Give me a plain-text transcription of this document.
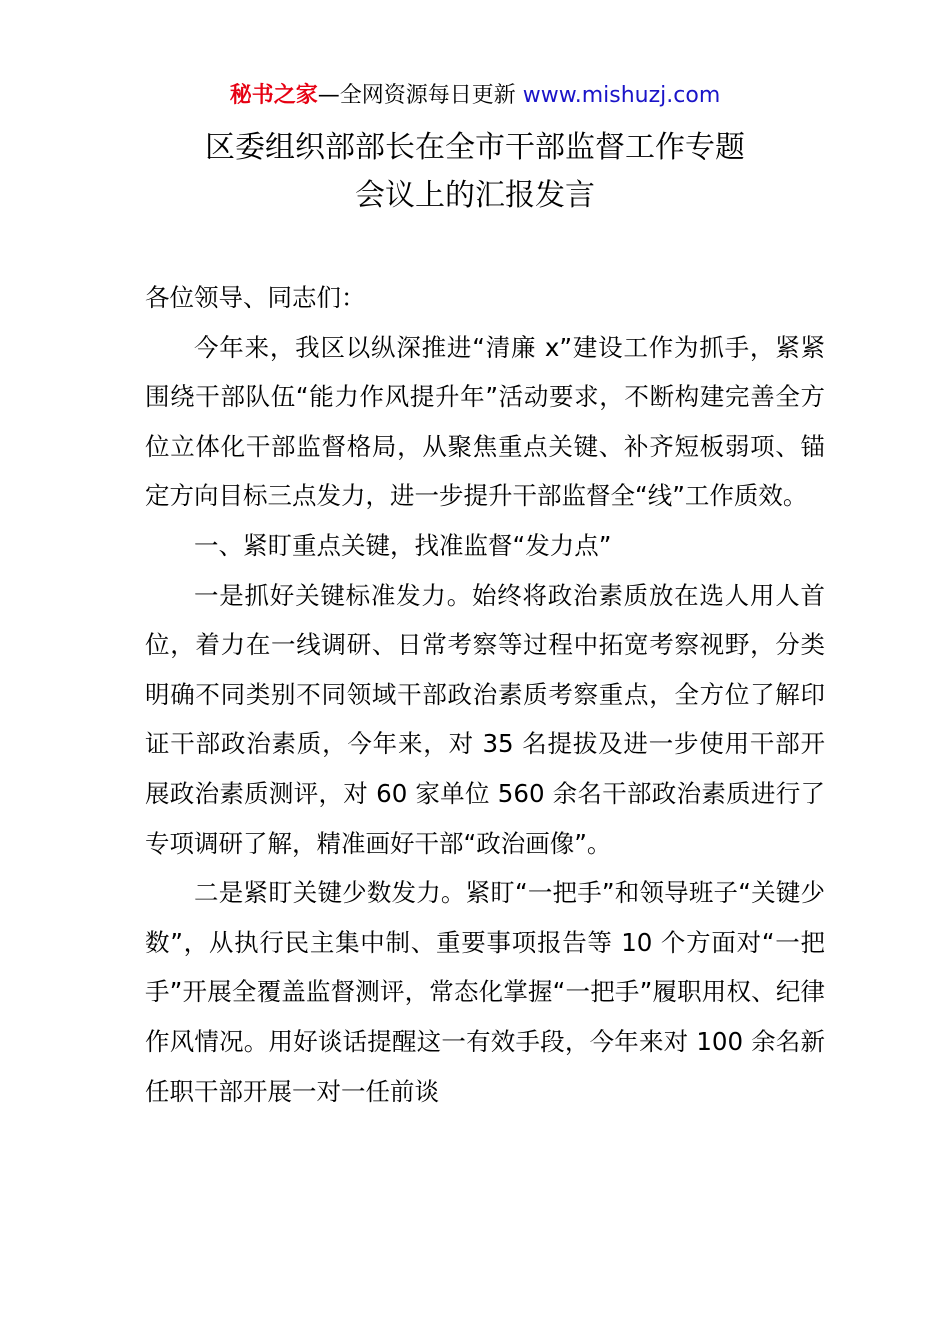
秘书之家—全网资源每日更新 www.mishuzj.com
区委组织部部长在全市干部监督工作专题
会议上的汇报发言

各位领导、同志们：

今年来，我区以纵深推进“清廉 x”建设工作为抓手，紧紧围绕干部队伍“能力作风提升年”活动要求，不断构建完善全方位立体化干部监督格局，从聚焦重点关键、补齐短板弱项、锚定方向目标三点发力，进一步提升干部监督全“线”工作质效。

一、紧盯重点关键，找准监督“发力点”

一是抓好关键标准发力。始终将政治素质放在选人用人首位，着力在一线调研、日常考察等过程中拓宽考察视野，分类明确不同类别不同领域干部政治素质考察重点，全方位了解印证干部政治素质，今年来，对 35 名提拔及进一步使用干部开展政治素质测评，对 60 家单位 560 余名干部政治素质进行了专项调研了解，精准画好干部“政治画像”。

二是紧盯关键少数发力。紧盯“一把手”和领导班子“关键少数”，从执行民主集中制、重要事项报告等 10 个方面对“一把手”开展全覆盖监督测评，常态化掌握“一把手”履职用权、纪律作风情况。用好谈话提醒这一有效手段，今年来对 100 余名新任职干部开展一对一任前谈
